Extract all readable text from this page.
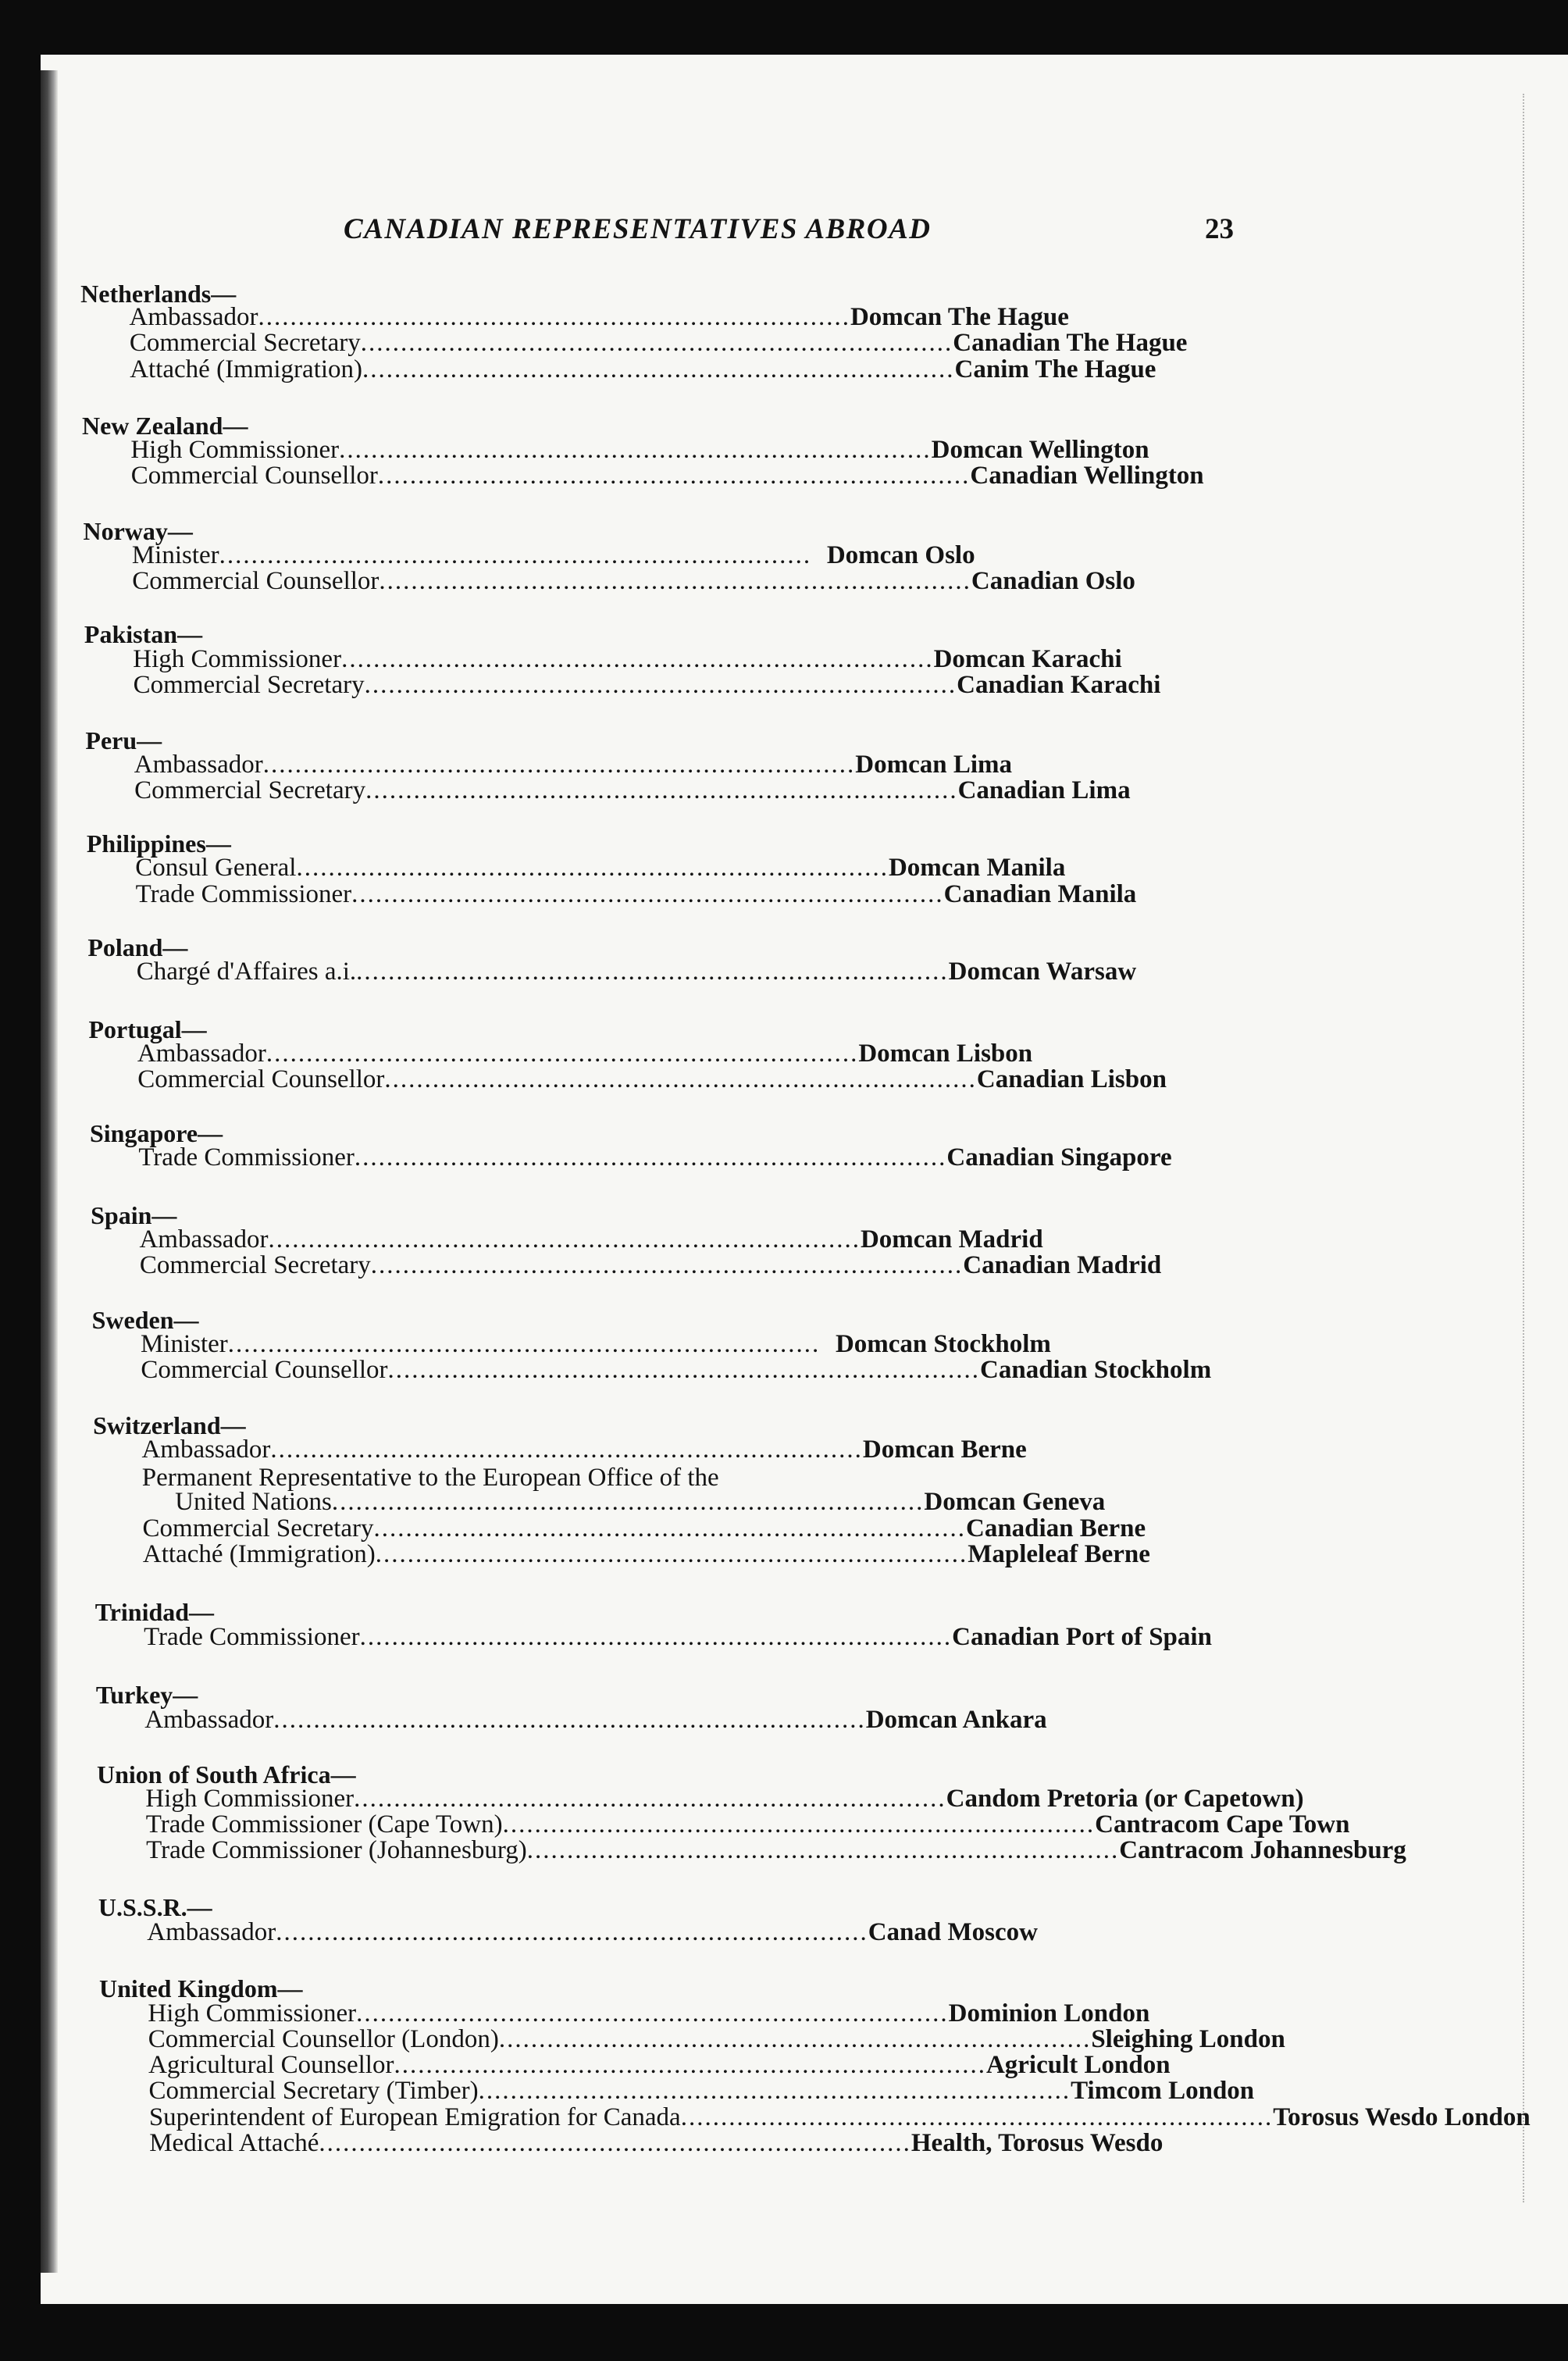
CANADIAN REPRESENTATIVES ABROAD	23
Netherlands—
Ambassador .......................................................................... Domcan The Hague
Commercial Secretary .......................................................................... Canadian The Hague
Attaché (Immigration) .......................................................................... Canim The Hague
New Zealand—
High Commissioner .......................................................................... Domcan Wellington
Commercial Counsellor .......................................................................... Canadian Wellington
Norway—
Minister .......................................................................... Domcan Oslo
Commercial Counsellor .......................................................................... Canadian Oslo
Pakistan—
High Commissioner .......................................................................... Domcan Karachi
Commercial Secretary .......................................................................... Canadian Karachi
Peru—
Ambassador .......................................................................... Domcan Lima
Commercial Secretary .......................................................................... Canadian Lima
Philippines—
Consul General .......................................................................... Domcan Manila
Trade Commissioner .......................................................................... Canadian Manila
Poland—
Chargé d'Affaires a.i. .......................................................................... Domcan Warsaw
Portugal—
Ambassador .......................................................................... Domcan Lisbon
Commercial Counsellor .......................................................................... Canadian Lisbon
Singapore—
Trade Commissioner .......................................................................... Canadian Singapore
Spain—
Ambassador .......................................................................... Domcan Madrid
Commercial Secretary .......................................................................... Canadian Madrid
Sweden—
Minister .......................................................................... Domcan Stockholm
Commercial Counsellor .......................................................................... Canadian Stockholm
Switzerland—
Ambassador .......................................................................... Domcan Berne
Permanent Representative to the European Office of the
United Nations .......................................................................... Domcan Geneva
Commercial Secretary .......................................................................... Canadian Berne
Attaché (Immigration) .......................................................................... Mapleleaf Berne
Trinidad—
Trade Commissioner .......................................................................... Canadian Port of Spain
Turkey—
Ambassador .......................................................................... Domcan Ankara
Union of South Africa—
High Commissioner .......................................................................... Candom Pretoria (or Capetown)
Trade Commissioner (Cape Town) .......................................................................... Cantracom Cape Town
Trade Commissioner (Johannesburg) .......................................................................... Cantracom Johannesburg
U.S.S.R.—
Ambassador .......................................................................... Canad Moscow
United Kingdom—
High Commissioner .......................................................................... Dominion London
Commercial Counsellor (London) .......................................................................... Sleighing London
Agricultural Counsellor .......................................................................... Agricult London
Commercial Secretary (Timber) .......................................................................... Timcom London
Superintendent of European Emigration for Canada .......................................................................... Torosus Wesdo London
Medical Attaché .......................................................................... Health, Torosus Wesdo
